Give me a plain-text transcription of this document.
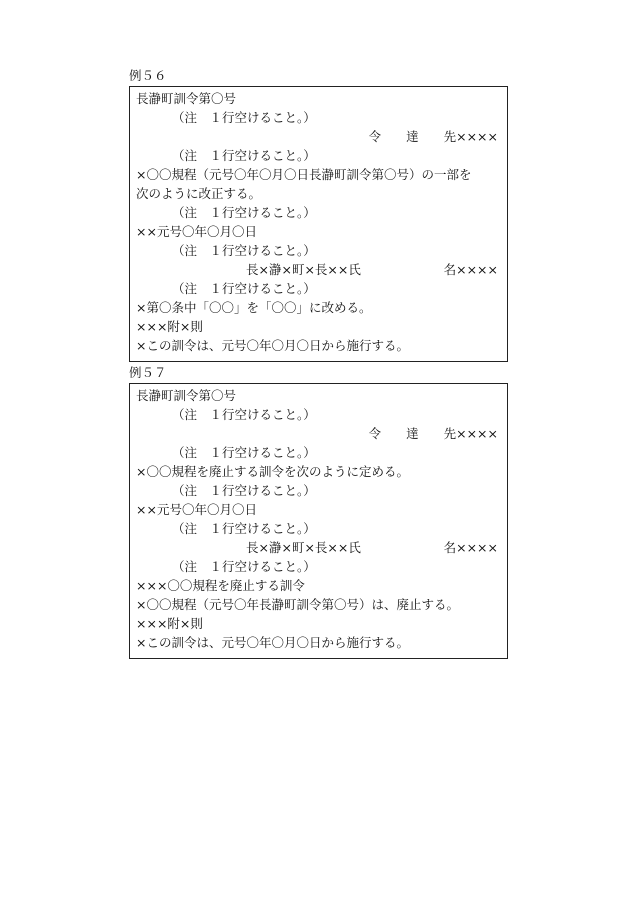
例５６
長瀞町訓令第〇号
（注　１行空けること。）
令　　達　　先××××
（注　１行空けること。）
×〇〇規程（元号〇年〇月〇日長瀞町訓令第〇号）の一部を
次のように改正する。
（注　１行空けること。）
××元号〇年〇月〇日
（注　１行空けること。）
長×瀞×町×長××氏	名××××
（注　１行空けること。）
×第〇条中「〇〇」を「〇〇」に改める。
×××附×則
×この訓令は、元号〇年〇月〇日から施行する。
例５７
長瀞町訓令第〇号
（注　１行空けること。）
令　　達　　先××××
（注　１行空けること。）
×〇〇規程を廃止する訓令を次のように定める。
（注　１行空けること。）
××元号〇年〇月〇日
（注　１行空けること。）
長×瀞×町×長××氏	名××××
（注　１行空けること。）
×××〇〇規程を廃止する訓令
×〇〇規程（元号〇年長瀞町訓令第〇号）は、廃止する。
×××附×則
×この訓令は、元号〇年〇月〇日から施行する。
